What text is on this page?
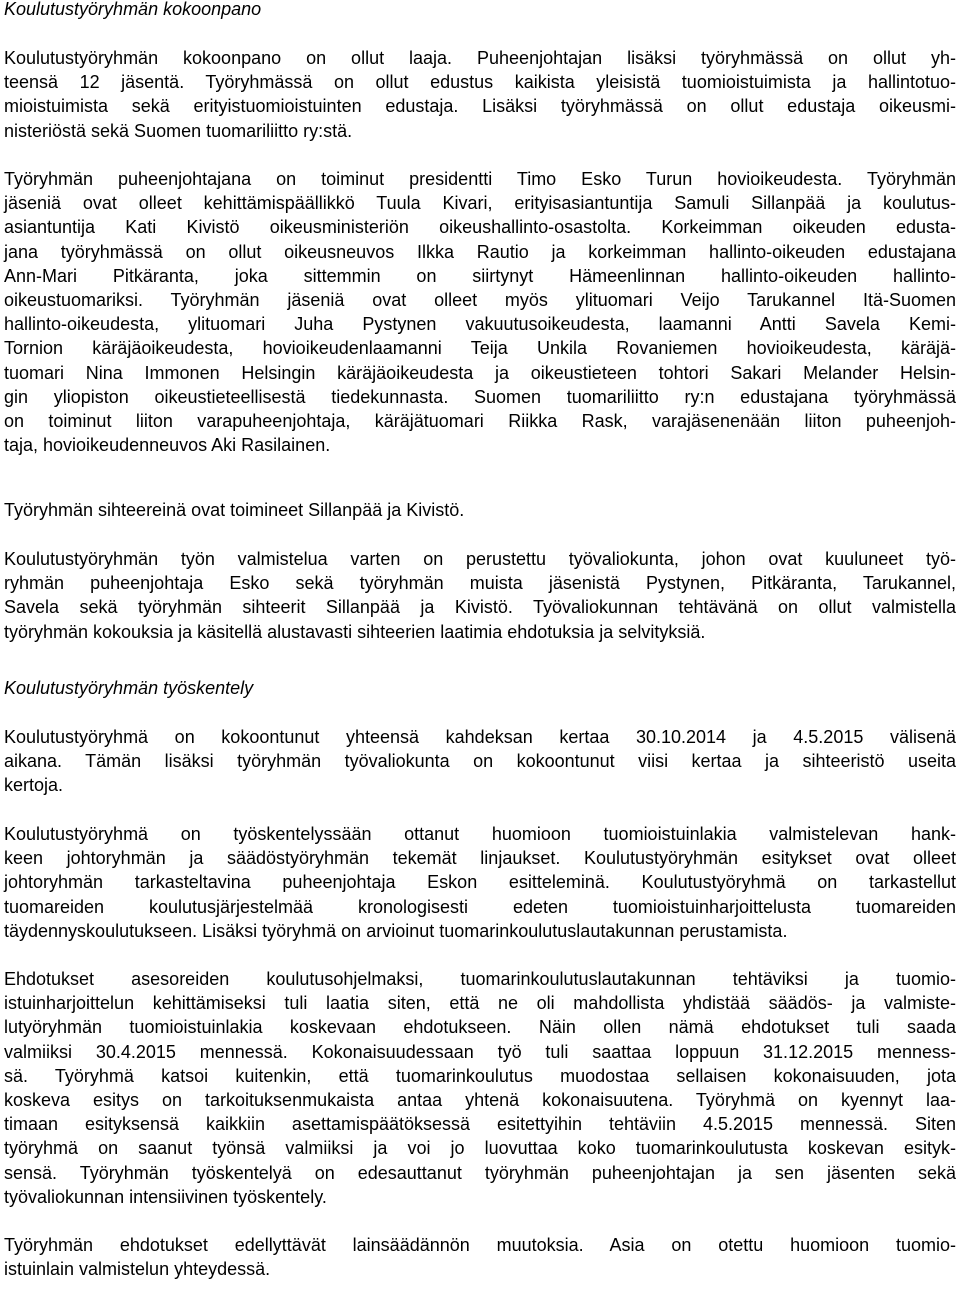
Koulutustyöryhmän kokoonpano

Koulutustyöryhmän kokoonpano on ollut laaja. Puheenjohtajan lisäksi työryhmässä on ollut yh-
teensä 12 jäsentä. Työryhmässä on ollut edustus kaikista yleisistä tuomioistuimista ja hallintotuo-
mioistuimista sekä erityistuomioistuinten edustaja. Lisäksi työryhmässä on ollut edustaja oikeusmi-
nisteriöstä sekä Suomen tuomariliitto ry:stä.

Työryhmän puheenjohtajana on toiminut presidentti Timo Esko Turun hovioikeudesta. Työryhmän
jäseniä ovat olleet kehittämispäällikkö Tuula Kivari, erityisasiantuntija Samuli Sillanpää ja koulutus-
asiantuntija Kati Kivistö oikeusministeriön oikeushallinto-osastolta. Korkeimman oikeuden edusta-
jana työryhmässä on ollut oikeusneuvos Ilkka Rautio ja korkeimman hallinto-oikeuden edustajana
Ann-Mari Pitkäranta, joka sittemmin on siirtynyt Hämeenlinnan hallinto-oikeuden hallinto-
oikeustuomariksi. Työryhmän jäseniä ovat olleet myös ylituomari Veijo Tarukannel Itä-Suomen
hallinto-oikeudesta, ylituomari Juha Pystynen vakuutusoikeudesta, laamanni Antti Savela Kemi-
Tornion käräjäoikeudesta, hovioikeudenlaamanni Teija Unkila Rovaniemen hovioikeudesta, käräjä-
tuomari Nina Immonen Helsingin käräjäoikeudesta ja oikeustieteen tohtori Sakari Melander Helsin-
gin yliopiston oikeustieteellisestä tiedekunnasta. Suomen tuomariliitto ry:n edustajana työryhmässä
on toiminut liiton varapuheenjohtaja, käräjätuomari Riikka Rask, varajäsenenään liiton puheenjoh-
taja, hovioikeudenneuvos Aki Rasilainen.

Työryhmän sihteereinä ovat toimineet Sillanpää ja Kivistö.

Koulutustyöryhmän työn valmistelua varten on perustettu työvaliokunta, johon ovat kuuluneet työ-
ryhmän puheenjohtaja Esko sekä työryhmän muista jäsenistä Pystynen, Pitkäranta, Tarukannel,
Savela sekä työryhmän sihteerit Sillanpää ja Kivistö. Työvaliokunnan tehtävänä on ollut valmistella
työryhmän kokouksia ja käsitellä alustavasti sihteerien laatimia ehdotuksia ja selvityksiä.

Koulutustyöryhmän työskentely

Koulutustyöryhmä on kokoontunut yhteensä kahdeksan kertaa 30.10.2014 ja 4.5.2015 välisenä
aikana. Tämän lisäksi työryhmän työvaliokunta on kokoontunut viisi kertaa ja sihteeristö useita
kertoja.

Koulutustyöryhmä on työskentelyssään ottanut huomioon tuomioistuinlakia valmistelevan hank-
keen johtoryhmän ja säädöstyöryhmän tekemät linjaukset. Koulutustyöryhmän esitykset ovat olleet
johtoryhmän tarkasteltavina puheenjohtaja Eskon esitteleminä. Koulutustyöryhmä on tarkastellut
tuomareiden koulutusjärjestelmää kronologisesti edeten tuomioistuinharjoittelusta tuomareiden
täydennyskoulutukseen. Lisäksi työryhmä on arvioinut tuomarinkoulutuslautakunnan perustamista.

Ehdotukset asesoreiden koulutusohjelmaksi, tuomarinkoulutuslautakunnan tehtäviksi ja tuomio-
istuinharjoittelun kehittämiseksi tuli laatia siten, että ne oli mahdollista yhdistää säädös- ja valmiste-
lutyöryhmän tuomioistuinlakia koskevaan ehdotukseen. Näin ollen nämä ehdotukset tuli saada
valmiiksi 30.4.2015 mennessä. Kokonaisuudessaan työ tuli saattaa loppuun 31.12.2015 menness-
sä. Työryhmä katsoi kuitenkin, että tuomarinkoulutus muodostaa sellaisen kokonaisuuden, jota
koskeva esitys on tarkoituksenmukaista antaa yhtenä kokonaisuutena. Työryhmä on kyennyt laa-
timaan esityksensä kaikkiin asettamispäätöksessä esitettyihin tehtäviin 4.5.2015 mennessä. Siten
työryhmä on saanut työnsä valmiiksi ja voi jo luovuttaa koko tuomarinkoulutusta koskevan esityk-
sensä. Työryhmän työskentelyä on edesauttanut työryhmän puheenjohtajan ja sen jäsenten sekä
työvaliokunnan intensiivinen työskentely.

Työryhmän ehdotukset edellyttävät lainsäädännön muutoksia. Asia on otettu huomioon tuomio-
istuinlain valmistelun yhteydessä.
